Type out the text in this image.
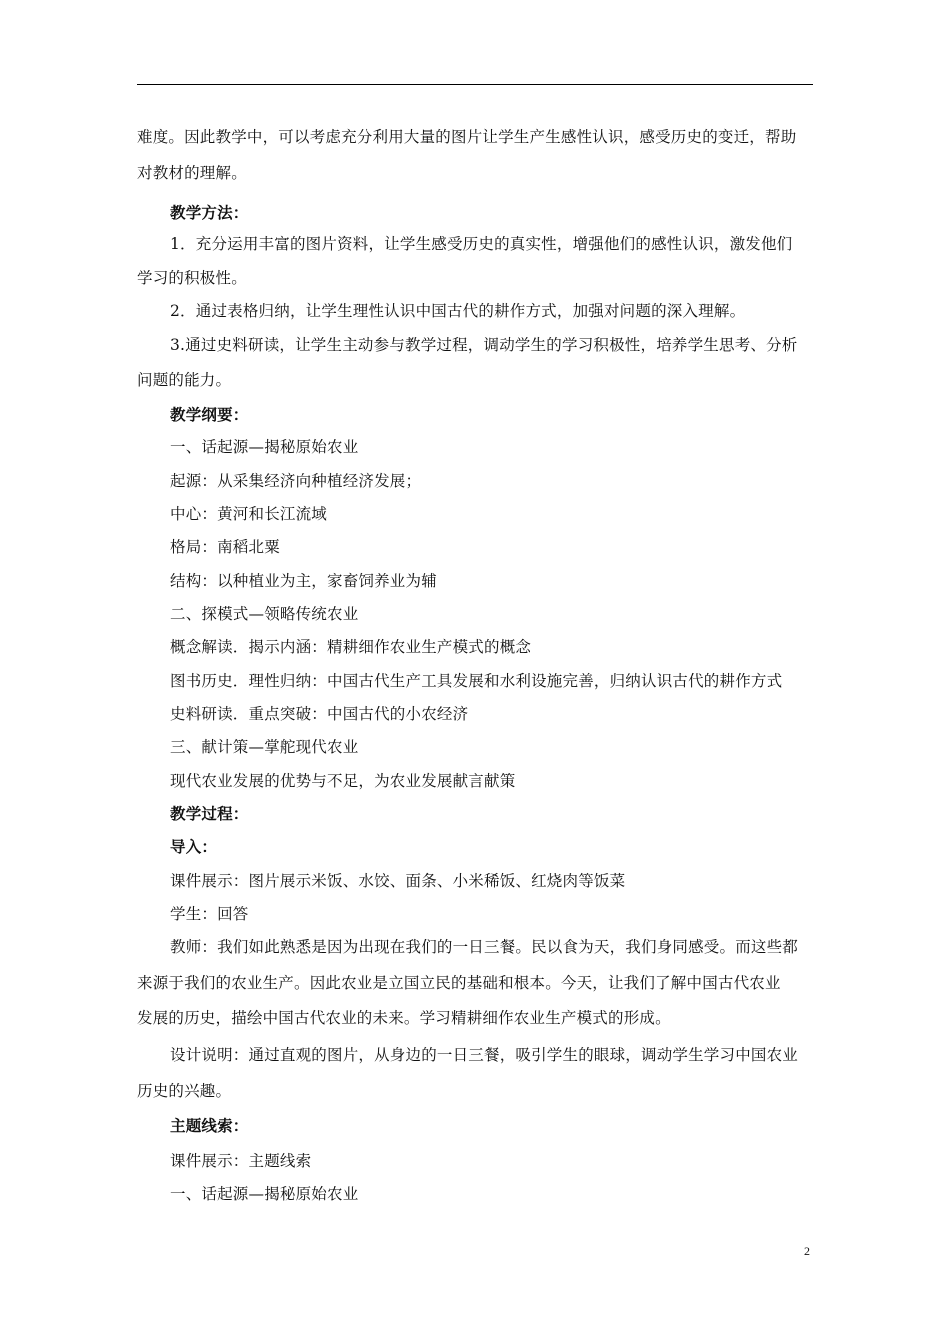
难度。因此教学中，可以考虑充分利用大量的图片让学生产生感性认识，感受历史的变迁，帮助
对教材的理解。
教学方法：
1．充分运用丰富的图片资料，让学生感受历史的真实性，增强他们的感性认识，激发他们
学习的积极性。
2．通过表格归纳，让学生理性认识中国古代的耕作方式，加强对问题的深入理解。
3.通过史料研读，让学生主动参与教学过程，调动学生的学习积极性，培养学生思考、分析
问题的能力。
教学纲要：
一、话起源—揭秘原始农业
起源：从采集经济向种植经济发展；
中心：黄河和长江流域
格局：南稻北粟
结构：以种植业为主，家畜饲养业为辅
二、探模式—领略传统农业
概念解读．揭示内涵：精耕细作农业生产模式的概念
图书历史．理性归纳：中国古代生产工具发展和水利设施完善，归纳认识古代的耕作方式
史料研读．重点突破：中国古代的小农经济
三、献计策—掌舵现代农业
现代农业发展的优势与不足，为农业发展献言献策
教学过程：
导入：
课件展示：图片展示米饭、水饺、面条、小米稀饭、红烧肉等饭菜
学生：回答
教师：我们如此熟悉是因为出现在我们的一日三餐。民以食为天，我们身同感受。而这些都
来源于我们的农业生产。因此农业是立国立民的基础和根本。今天，让我们了解中国古代农业
发展的历史，描绘中国古代农业的未来。学习精耕细作农业生产模式的形成。
设计说明：通过直观的图片，从身边的一日三餐，吸引学生的眼球，调动学生学习中国农业
历史的兴趣。
主题线索：
课件展示：主题线索
一、话起源—揭秘原始农业
2
